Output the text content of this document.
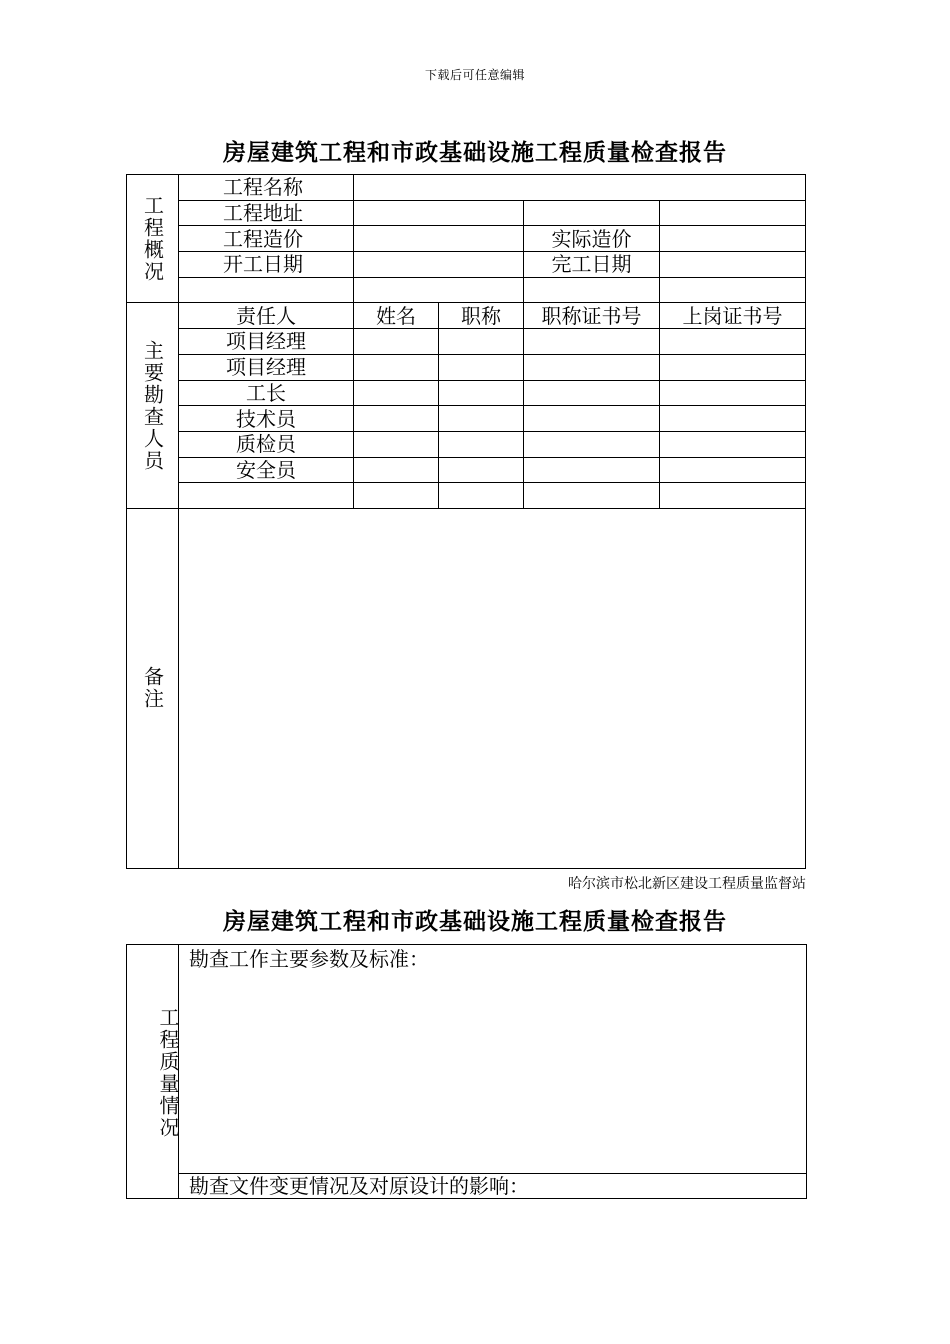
下载后可任意编辑
房屋建筑工程和市政基础设施工程质量检查报告
工程概况	工程名称				
	工程地址				
	工程造价			实际造价	
	开工日期			完工日期	

主要勘查人员	责任人	姓名	职称	职称证书号	上岗证书号
	项目经理				
	项目经理				
	工长				
	技术员				
	质检员				
	安全员				

备注					
哈尔滨市松北新区建设工程质量监督站
房屋建筑工程和市政基础设施工程质量检查报告
工程质量情况	勘查工作主要参数及标准：
勘查文件变更情况及对原设计的影响：
